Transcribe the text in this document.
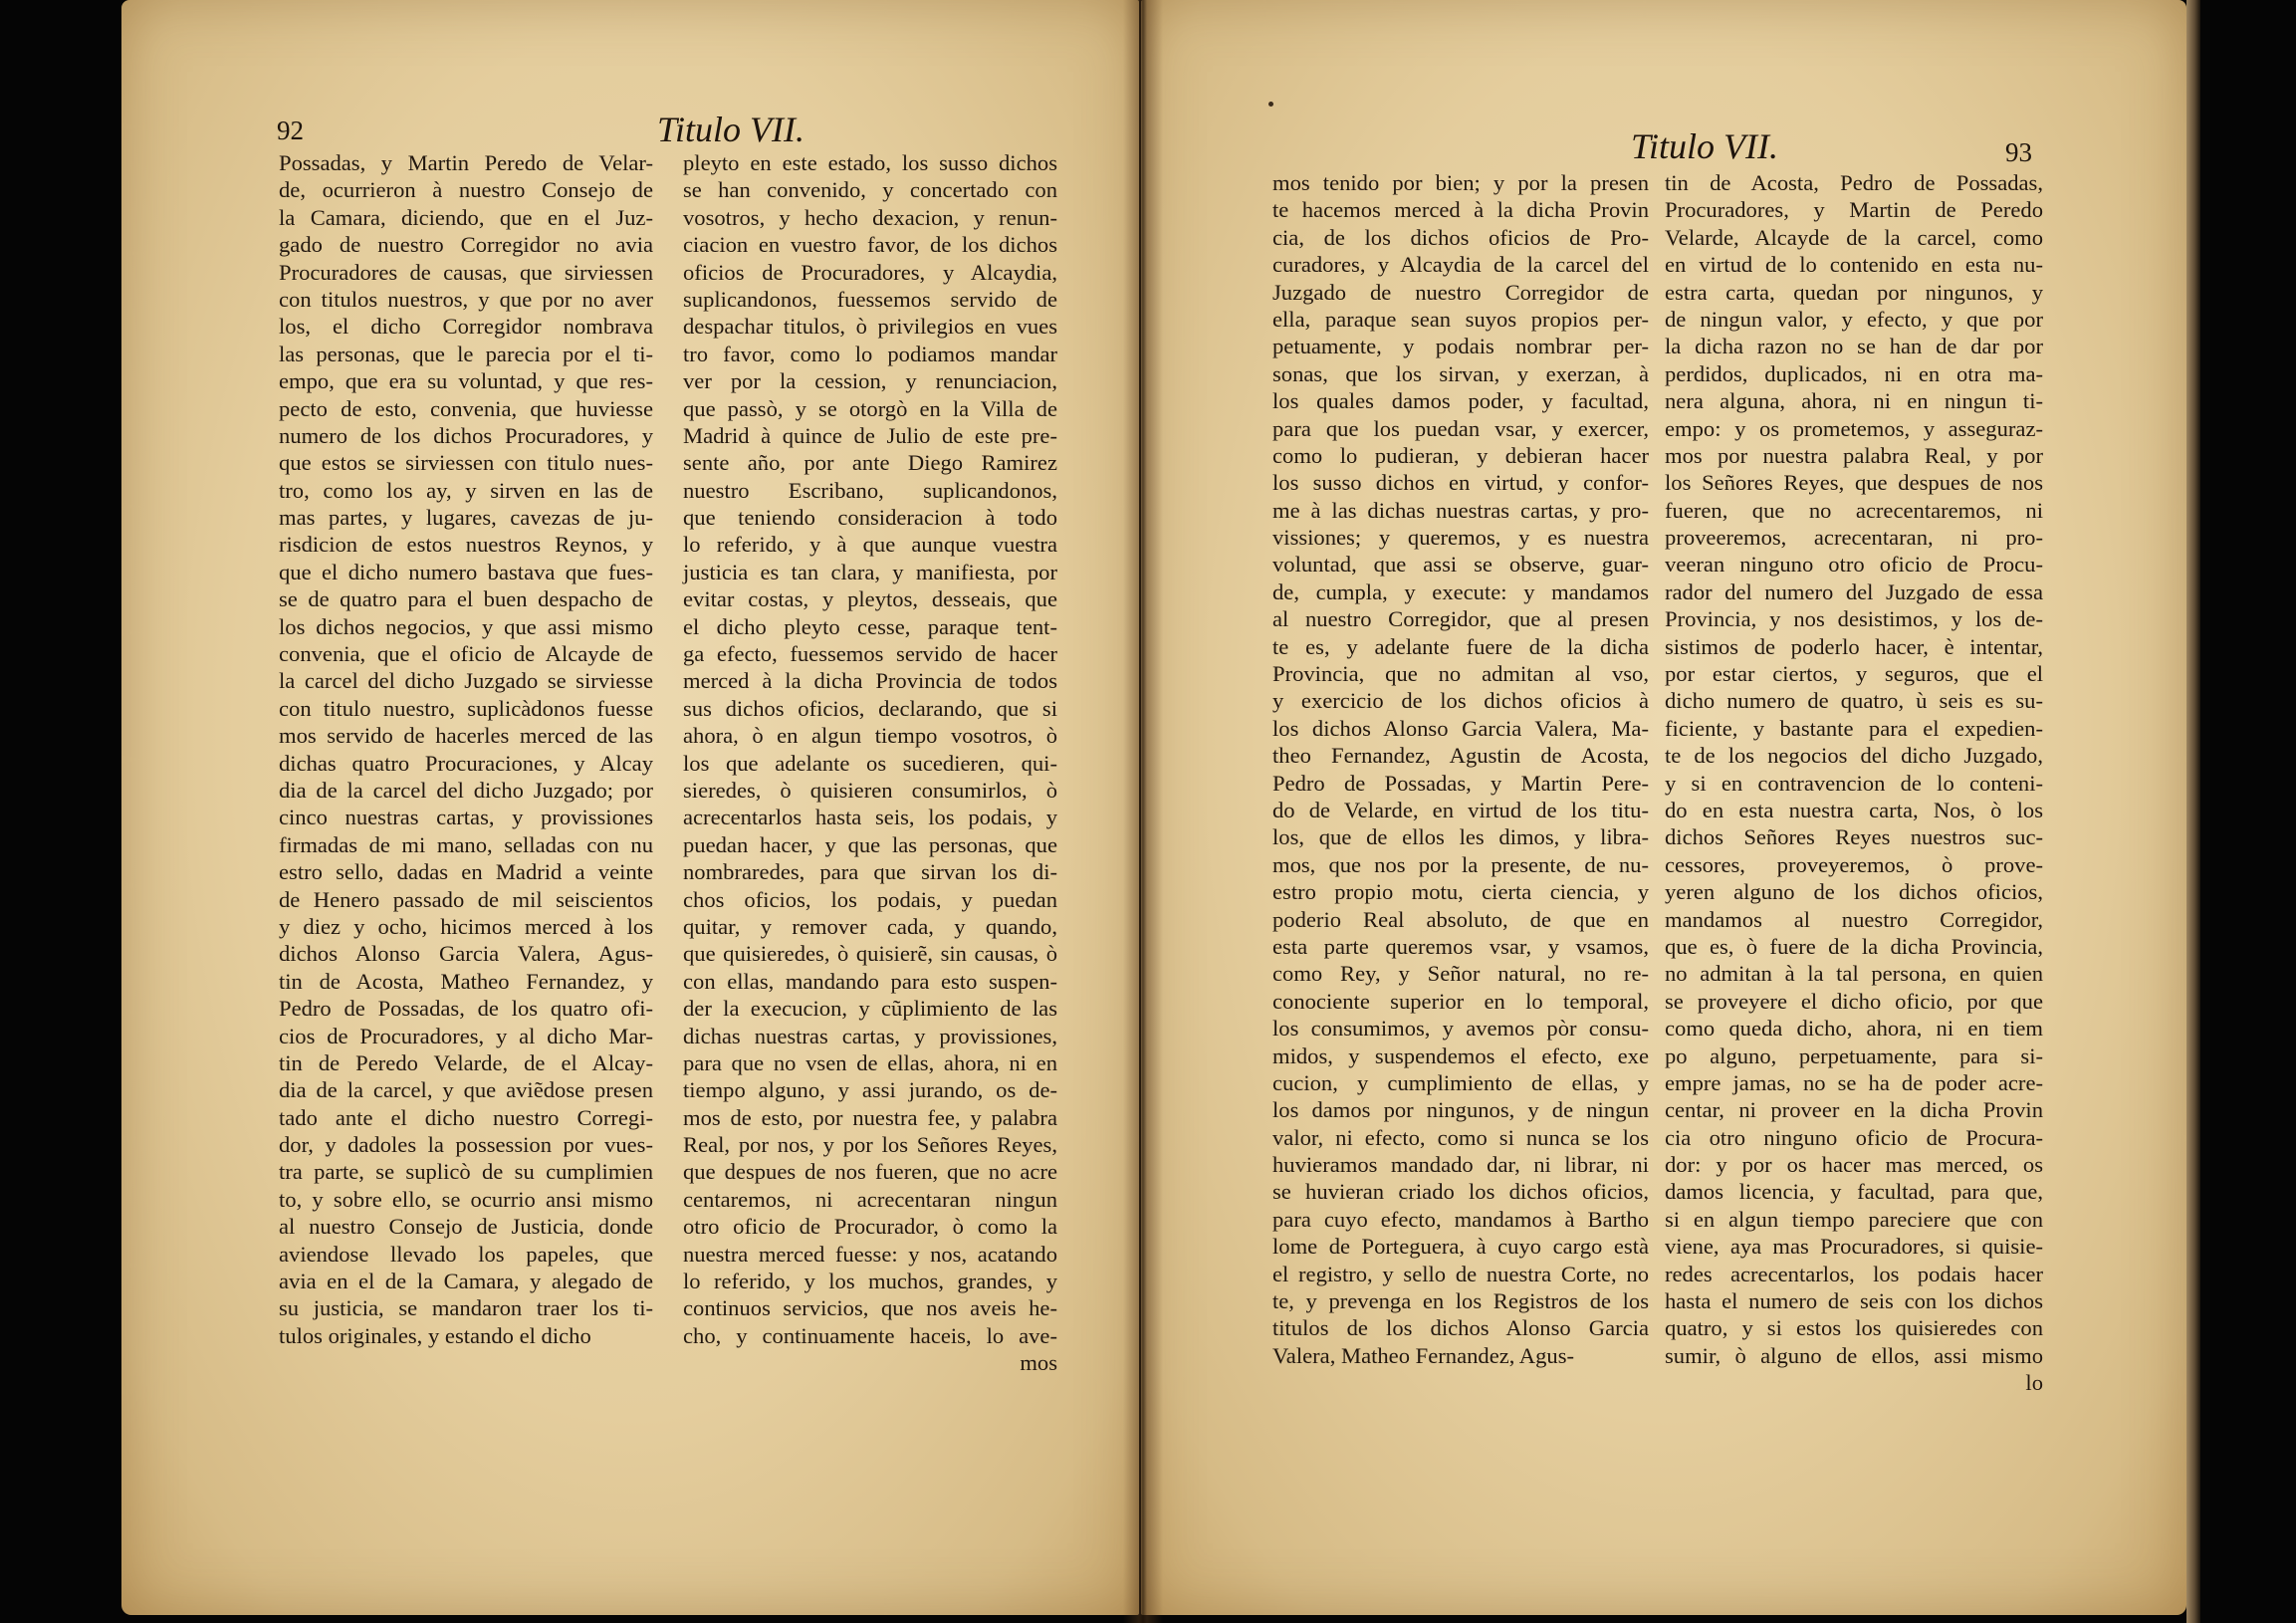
92	Titulo VII.
Possadas, y Martin Peredo de Velar-
de, ocurrieron à nuestro Consejo de
la Camara, diciendo, que en el Juz-
gado de nuestro Corregidor no avia
Procuradores de causas, que sirviessen
con titulos nuestros, y que por no aver
los, el dicho Corregidor nombrava
las personas, que le parecia por el ti-
empo, que era su voluntad, y que res-
pecto de esto, convenia, que huviesse
numero de los dichos Procuradores, y
que estos se sirviessen con titulo nues-
tro, como los ay, y sirven en las de
mas partes, y lugares, cavezas de ju-
risdicion de estos nuestros Reynos, y
que el dicho numero bastava que fues-
se de quatro para el buen despacho de
los dichos negocios, y que assi mismo
convenia, que el oficio de Alcayde de
la carcel del dicho Juzgado se sirviesse
con titulo nuestro, suplicàdonos fuesse
mos servido de hacerles merced de las
dichas quatro Procuraciones, y Alcay
dia de la carcel del dicho Juzgado; por
cinco nuestras cartas, y provissiones
firmadas de mi mano, selladas con nu
estro sello, dadas en Madrid a veinte
de Henero passado de mil seiscientos
y diez y ocho, hicimos merced à los
dichos Alonso Garcia Valera, Agus-
tin de Acosta, Matheo Fernandez, y
Pedro de Possadas, de los quatro ofi-
cios de Procuradores, y al dicho Mar-
tin de Peredo Velarde, de el Alcay-
dia de la carcel, y que aviẽdose presen
tado ante el dicho nuestro Corregi-
dor, y dadoles la possession por vues-
tra parte, se suplicò de su cumplimien
to, y sobre ello, se ocurrio ansi mismo
al nuestro Consejo de Justicia, donde
aviendose llevado los papeles, que
avia en el de la Camara, y alegado de
su justicia, se mandaron traer los ti-
tulos originales, y estando el dicho
pleyto en este estado, los susso dichos
se han convenido, y concertado con
vosotros, y hecho dexacion, y renun-
ciacion en vuestro favor, de los dichos
oficios de Procuradores, y Alcaydia,
suplicandonos, fuessemos servido de
despachar titulos, ò privilegios en vues
tro favor, como lo podiamos mandar
ver por la cession, y renunciacion,
que passò, y se otorgò en la Villa de
Madrid à quince de Julio de este pre-
sente año, por ante Diego Ramirez
nuestro Escribano, suplicandonos,
que teniendo consideracion à todo
lo referido, y à que aunque vuestra
justicia es tan clara, y manifiesta, por
evitar costas, y pleytos, desseais, que
el dicho pleyto cesse, paraque tent-
ga efecto, fuessemos servido de hacer
merced à la dicha Provincia de todos
sus dichos oficios, declarando, que si
ahora, ò en algun tiempo vosotros, ò
los que adelante os sucedieren, qui-
sieredes, ò quisieren consumirlos, ò
acrecentarlos hasta seis, los podais, y
puedan hacer, y que las personas, que
nombraredes, para que sirvan los di-
chos oficios, los podais, y puedan
quitar, y remover cada, y quando,
que quisieredes, ò quisierẽ, sin causas, ò
con ellas, mandando para esto suspen-
der la execucion, y cũplimiento de las
dichas nuestras cartas, y provissiones,
para que no vsen de ellas, ahora, ni en
tiempo alguno, y assi jurando, os de-
mos de esto, por nuestra fee, y palabra
Real, por nos, y por los Señores Reyes,
que despues de nos fueren, que no acre
centaremos, ni acrecentaran ningun
otro oficio de Procurador, ò como la
nuestra merced fuesse: y nos, acatando
lo referido, y los muchos, grandes, y
continuos servicios, que nos aveis he-
cho, y continuamente haceis, lo ave-
mos
Titulo VII.	93
mos tenido por bien; y por la presen
te hacemos merced à la dicha Provin
cia, de los dichos oficios de Pro-
curadores, y Alcaydia de la carcel del
Juzgado de nuestro Corregidor de
ella, paraque sean suyos propios per-
petuamente, y podais nombrar per-
sonas, que los sirvan, y exerzan, à
los quales damos poder, y facultad,
para que los puedan vsar, y exercer,
como lo pudieran, y debieran hacer
los susso dichos en virtud, y confor-
me à las dichas nuestras cartas, y pro-
vissiones; y queremos, y es nuestra
voluntad, que assi se observe, guar-
de, cumpla, y execute: y mandamos
al nuestro Corregidor, que al presen
te es, y adelante fuere de la dicha
Provincia, que no admitan al vso,
y exercicio de los dichos oficios à
los dichos Alonso Garcia Valera, Ma-
theo Fernandez, Agustin de Acosta,
Pedro de Possadas, y Martin Pere-
do de Velarde, en virtud de los titu-
los, que de ellos les dimos, y libra-
mos, que nos por la presente, de nu-
estro propio motu, cierta ciencia, y
poderio Real absoluto, de que en
esta parte queremos vsar, y vsamos,
como Rey, y Señor natural, no re-
conociente superior en lo temporal,
los consumimos, y avemos pòr consu-
midos, y suspendemos el efecto, exe
cucion, y cumplimiento de ellas, y
los damos por ningunos, y de ningun
valor, ni efecto, como si nunca se los
huvieramos mandado dar, ni librar, ni
se huvieran criado los dichos oficios,
para cuyo efecto, mandamos à Bartho
lome de Porteguera, à cuyo cargo està
el registro, y sello de nuestra Corte, no
te, y prevenga en los Registros de los
titulos de los dichos Alonso Garcia
Valera, Matheo Fernandez, Agus-
tin de Acosta, Pedro de Possadas,
Procuradores, y Martin de Peredo
Velarde, Alcayde de la carcel, como
en virtud de lo contenido en esta nu-
estra carta, quedan por ningunos, y
de ningun valor, y efecto, y que por
la dicha razon no se han de dar por
perdidos, duplicados, ni en otra ma-
nera alguna, ahora, ni en ningun ti-
empo: y os prometemos, y asseguraz-
mos por nuestra palabra Real, y por
los Señores Reyes, que despues de nos
fueren, que no acrecentaremos, ni
proveeremos, acrecentaran, ni pro-
veeran ninguno otro oficio de Procu-
rador del numero del Juzgado de essa
Provincia, y nos desistimos, y los de-
sistimos de poderlo hacer, è intentar,
por estar ciertos, y seguros, que el
dicho numero de quatro, ù seis es su-
ficiente, y bastante para el expedien-
te de los negocios del dicho Juzgado,
y si en contravencion de lo conteni-
do en esta nuestra carta, Nos, ò los
dichos Señores Reyes nuestros suc-
cessores, proveyeremos, ò prove-
yeren alguno de los dichos oficios,
mandamos al nuestro Corregidor,
que es, ò fuere de la dicha Provincia,
no admitan à la tal persona, en quien
se proveyere el dicho oficio, por que
como queda dicho, ahora, ni en tiem
po alguno, perpetuamente, para si-
empre jamas, no se ha de poder acre-
centar, ni proveer en la dicha Provin
cia otro ninguno oficio de Procura-
dor: y por os hacer mas merced, os
damos licencia, y facultad, para que,
si en algun tiempo pareciere que con
viene, aya mas Procuradores, si quisie-
redes acrecentarlos, los podais hacer
hasta el numero de seis con los dichos
quatro, y si estos los quisieredes con
sumir, ò alguno de ellos, assi mismo
lo
